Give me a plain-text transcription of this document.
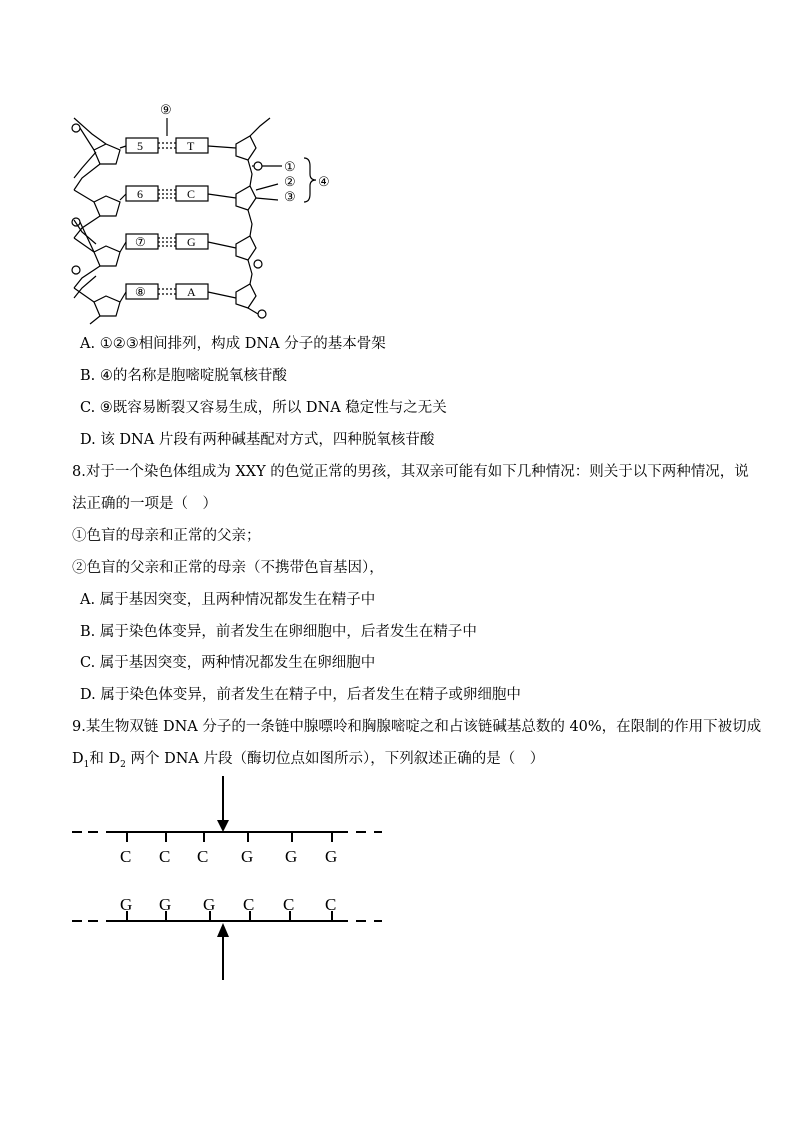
⑨
5	T
6	C
⑦	G
⑧	A
①
②
③
④
A. ①②③相间排列，构成 DNA 分子的基本骨架
B. ④的名称是胞嘧啶脱氧核苷酸
C. ⑨既容易断裂又容易生成，所以 DNA 稳定性与之无关
D. 该 DNA 片段有两种碱基配对方式，四种脱氧核苷酸
8.对于一个染色体组成为 XXY 的色觉正常的男孩，其双亲可能有如下几种情况：则关于以下两种情况，说
法正确的一项是（　）
①色盲的母亲和正常的父亲；
②色盲的父亲和正常的母亲（不携带色盲基因），
A. 属于基因突变，且两种情况都发生在精子中
B. 属于染色体变异，前者发生在卵细胞中，后者发生在精子中
C. 属于基因突变，两种情况都发生在卵细胞中
D. 属于染色体变异，前者发生在精子中，后者发生在精子或卵细胞中
9.某生物双链 DNA 分子的一条链中腺嘌呤和胸腺嘧啶之和占该链碱基总数的 40%，在限制的作用下被切成
$D_1$和 $D_2$ 两个 DNA 片段（酶切位点如图所示），下列叙述正确的是（　）
C C C G G G
G G G C C C
